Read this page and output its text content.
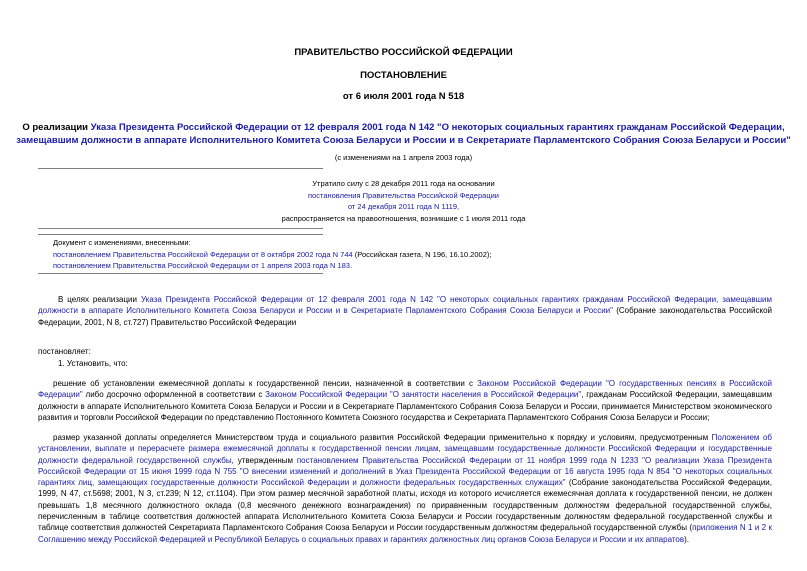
ПРАВИТЕЛЬСТВО РОССИЙСКОЙ ФЕДЕРАЦИИ
ПОСТАНОВЛЕНИЕ
от 6 июля 2001 года N 518
О реализации Указа Президента Российской Федерации от 12 февраля 2001 года N 142 "О некоторых социальных гарантиях гражданам Российской Федерации,
замещавшим должности в аппарате Исполнительного Комитета Союза Беларуси и России и в Секретариате Парламентского Собрания Союза Беларуси и России"
(с изменениями на 1 апреля 2003 года)
Утратило силу с 28 декабря 2011 года на основании
постановления Правительства Российской Федерации
от 24 декабря 2011 года N 1119,
распространяется на правоотношения, возникшие с 1 июля 2011 года
Документ с изменениями, внесенными:
постановлением Правительства Российской Федерации от 8 октября 2002 года N 744 (Российская газета, N 196, 16.10.2002);
постановлением Правительства Российской Федерации от 1 апреля 2003 года N 183.
В целях реализации Указа Президента Российской Федерации от 12 февраля 2001 года N 142 "О некоторых социальных гарантиях гражданам Российской Федерации, замещавшим должности в аппарате Исполнительного Комитета Союза Беларуси и России и в Секретариате Парламентского Собрания Союза Беларуси и России" (Собрание законодательства Российской Федерации, 2001, N 8, ст.727) Правительство Российской Федерации
постановляет:
1. Установить, что:
решение об установлении ежемесячной доплаты к государственной пенсии, назначенной в соответствии с Законом Российской Федерации "О государственных пенсиях в Российской Федерации" либо досрочно оформленной в соответствии с Законом Российской Федерации "О занятости населения в Российской Федерации", гражданам Российской Федерации, замещавшим должности в аппарате Исполнительного Комитета Союза Беларуси и России и в Секретариате Парламентского Собрания Союза Беларуси и России, принимается Министерством экономического развития и торговли Российской Федерации по представлению Постоянного Комитета Союзного государства и Секретариата Парламентского Собрания Союза Беларуси и России;
размер указанной доплаты определяется Министерством труда и социального развития Российской Федерации применительно к порядку и условиям, предусмотренным Положением об установлении, выплате и перерасчете размера ежемесячной доплаты к государственной пенсии лицам, замещавшим государственные должности Российской Федерации и государственные должности федеральной государственной службы, утвержденным постановлением Правительства Российской Федерации от 11 ноября 1999 года N 1233 "О реализации Указа Президента Российской Федерации от 15 июня 1999 года N 755 "О внесении изменений и дополнений в Указ Президента Российской Федерации от 16 августа 1995 года N 854 "О некоторых социальных гарантиях лиц, замещающих государственные должности Российской Федерации и должности федеральных государственных служащих" (Собрание законодательства Российской Федерации, 1999, N 47, ст.5698; 2001, N 3, ст.239; N 12, ст.1104). При этом размер месячной заработной платы, исходя из которого исчисляется ежемесячная доплата к государственной пенсии, не должен превышать 1,8 месячного должностного оклада (0,8 месячного денежного вознаграждения) по приравненным государственным должностям федеральной государственной службы, перечисленным в таблице соответствия должностей аппарата Исполнительного Комитета Союза Беларуси и России государственным должностям федеральной государственной службы и таблице соответствия должностей Секретариата Парламентского Собрания Союза Беларуси и России государственным должностям федеральной государственной службы (приложения N 1 и 2 к Соглашению между Российской Федерацией и Республикой Беларусь о социальных правах и гарантиях должностных лиц органов Союза Беларуси и России и их аппаратов).
